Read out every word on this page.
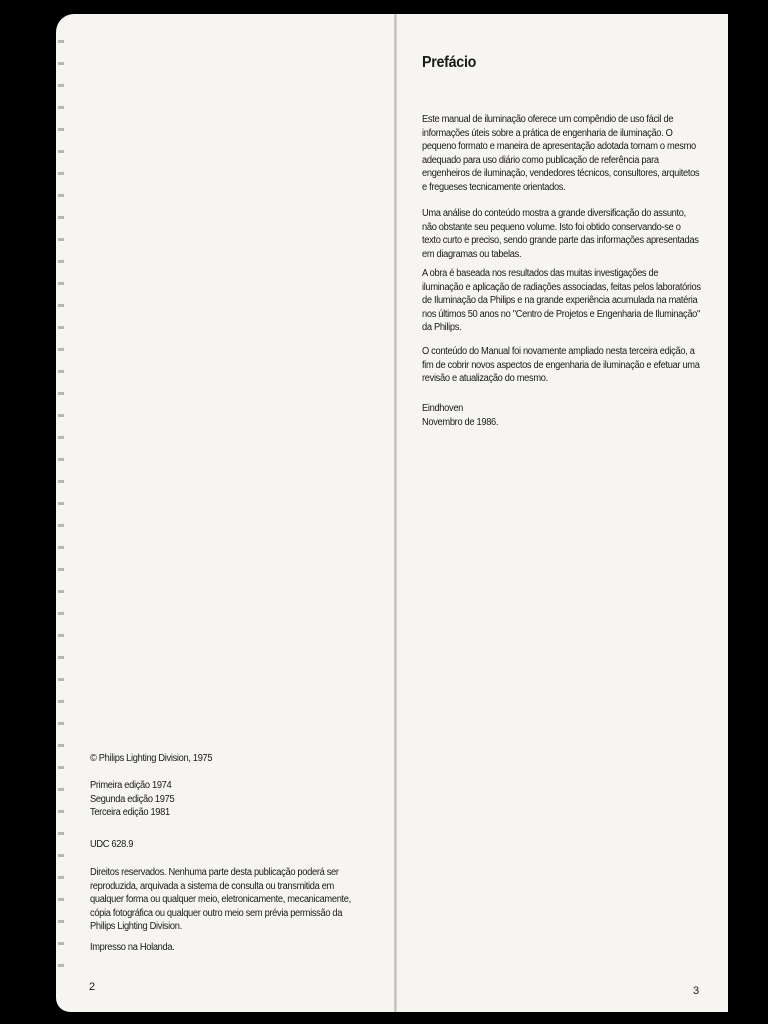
Prefácio

Este manual de iluminação oferece um compêndio de uso fácil de informações úteis sobre a prática de engenharia de iluminação. O pequeno formato e maneira de apresentação adotada tornam o mesmo adequado para uso diário como publicação de referência para engenheiros de iluminação, vendedores técnicos, consultores, arquitetos e fregueses tecnicamente orientados.

Uma análise do conteúdo mostra a grande diversificação do assunto, não obstante seu pequeno volume. Isto foi obtido conservando-se o texto curto e preciso, sendo grande parte das informações apresentadas em diagramas ou tabelas.

A obra é baseada nos resultados das muitas investigações de iluminação e aplicação de radiações associadas, feitas pelos laboratórios de Iluminação da Philips e na grande experiência acumulada na matéria nos últimos 50 anos no "Centro de Projetos e Engenharia de Iluminação" da Philips.

O conteúdo do Manual foi novamente ampliado nesta terceira edição, a fim de cobrir novos aspectos de engenharia de iluminação e efetuar uma revisão e atualização do mesmo.

Eindhoven
Novembro de 1986.
3

© Philips Lighting Division, 1975

Primeira edição 1974
Segunda edição 1975
Terceira edição 1981

UDC 628.9

Direitos reservados. Nenhuma parte desta publicação poderá ser reproduzida, arquivada a sistema de consulta ou transmitida em qualquer forma ou qualquer meio, eletronicamente, mecanicamente, cópia fotográfica ou qualquer outro meio sem prévia permissão da Philips Lighting Division.

Impresso na Holanda.

2
